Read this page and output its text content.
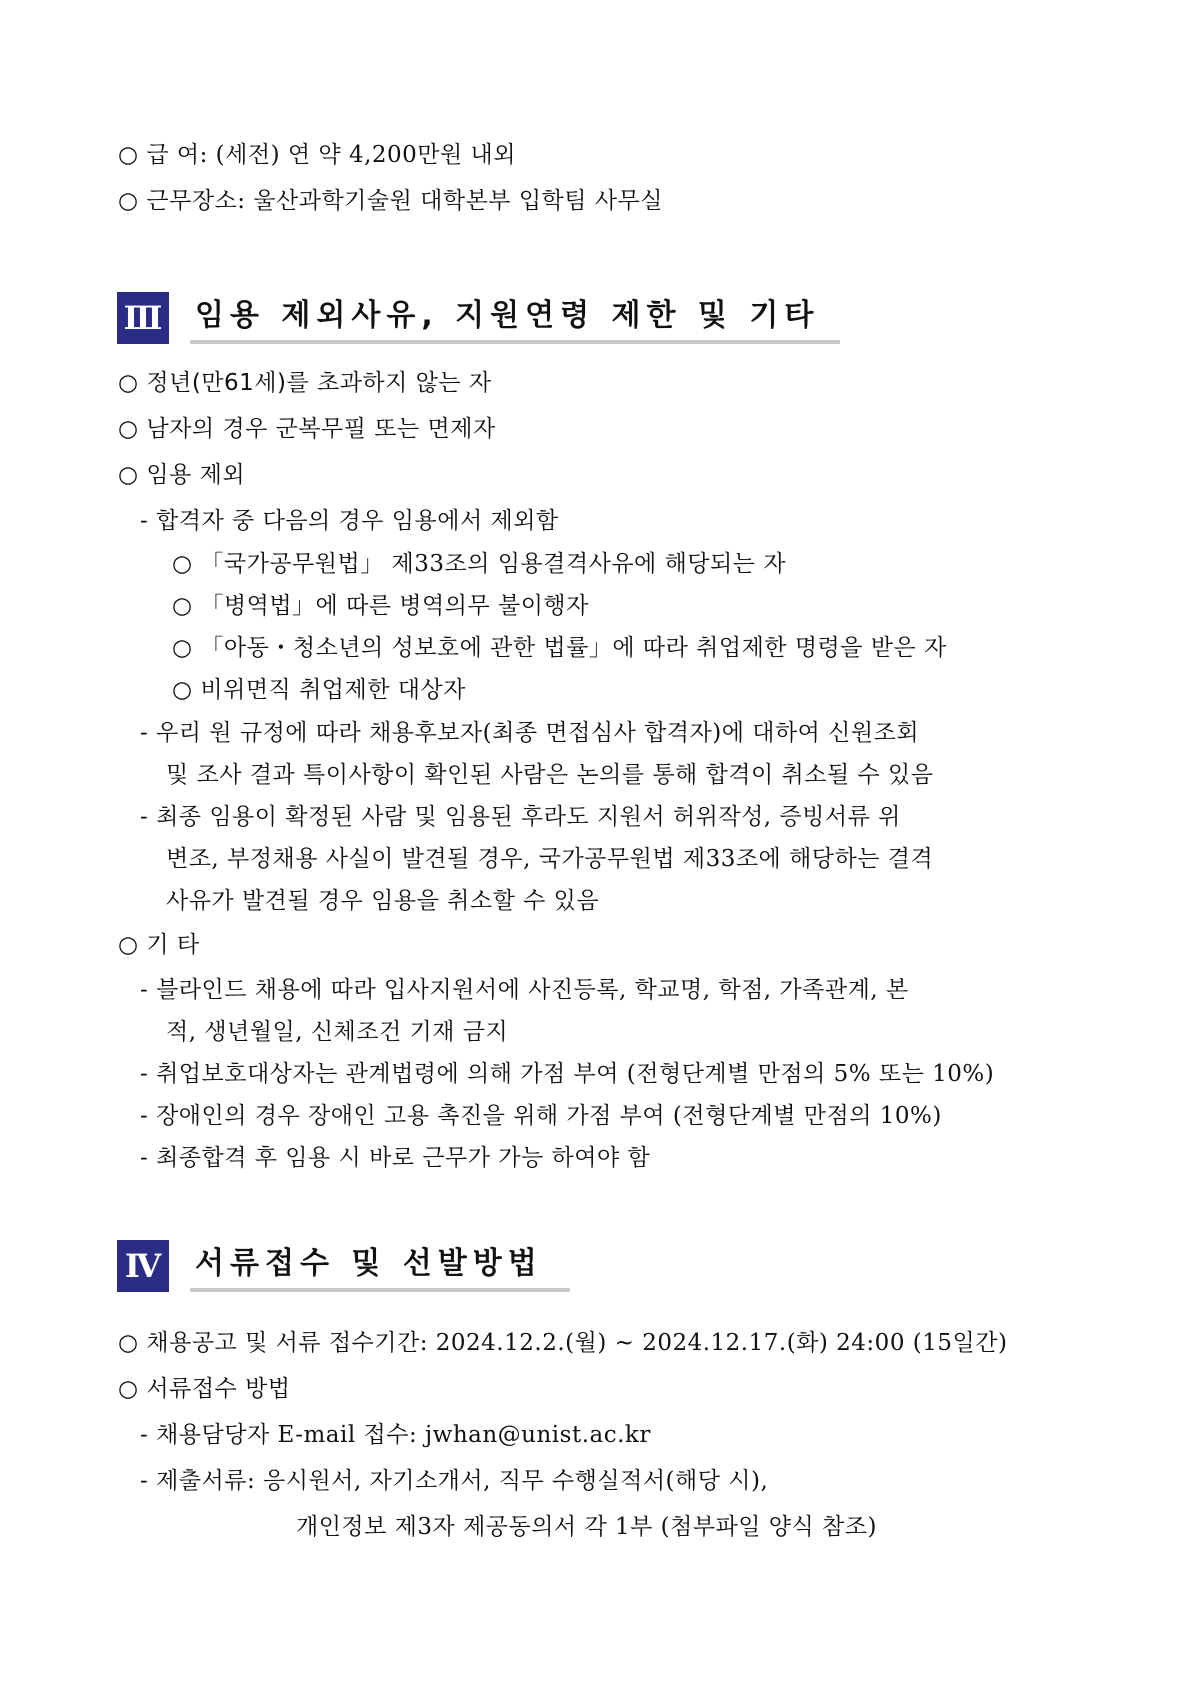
○ 급 여: (세전) 연 약 4,200만원 내외
○ 근무장소: 울산과학기술원 대학본부 입학팀 사무실
Ⅲ 임용 제외사유, 지원연령 제한 및 기타
○ 정년(만61세)를 초과하지 않는 자
○ 남자의 경우 군복무필 또는 면제자
○ 임용 제외
- 합격자 중 다음의 경우 임용에서 제외함
○ 「국가공무원법」 제33조의 임용결격사유에 해당되는 자
○ 「병역법」에 따른 병역의무 불이행자
○ 「아동・청소년의 성보호에 관한 법률」에 따라 취업제한 명령을 받은 자
○ 비위면직 취업제한 대상자
- 우리 원 규정에 따라 채용후보자(최종 면접심사 합격자)에 대하여 신원조회
및 조사 결과 특이사항이 확인된 사람은 논의를 통해 합격이 취소될 수 있음
- 최종 임용이 확정된 사람 및 임용된 후라도 지원서 허위작성, 증빙서류 위
변조, 부정채용 사실이 발견될 경우, 국가공무원법 제33조에 해당하는 결격
사유가 발견될 경우 임용을 취소할 수 있음
○ 기 타
- 블라인드 채용에 따라 입사지원서에 사진등록, 학교명, 학점, 가족관계, 본
적, 생년월일, 신체조건 기재 금지
- 취업보호대상자는 관계법령에 의해 가점 부여 (전형단계별 만점의 5% 또는 10%)
- 장애인의 경우 장애인 고용 촉진을 위해 가점 부여 (전형단계별 만점의 10%)
- 최종합격 후 임용 시 바로 근무가 가능 하여야 함
Ⅳ 서류접수 및 선발방법
○ 채용공고 및 서류 접수기간: 2024.12.2.(월) ~ 2024.12.17.(화) 24:00 (15일간)
○ 서류접수 방법
- 채용담당자 E-mail 접수: jwhan@unist.ac.kr
- 제출서류: 응시원서, 자기소개서, 직무 수행실적서(해당 시),
개인정보 제3자 제공동의서 각 1부 (첨부파일 양식 참조)
